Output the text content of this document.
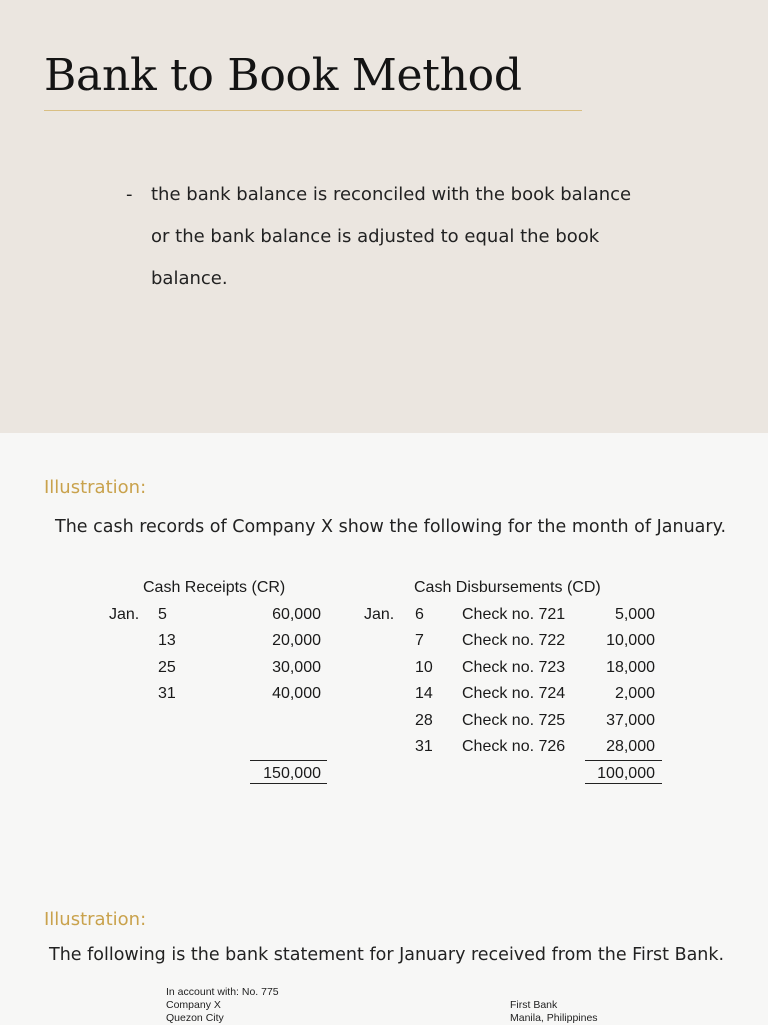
Bank to Book Method
- the bank balance is reconciled with the book balance
or the bank balance is adjusted to equal the book
balance.
Illustration:
The cash records of Company X show the following for the month of January.
Cash Receipts (CR)	Cash Disbursements (CD)
Jan. 5	60,000
13	20,000
25	30,000
31	40,000
150,000
Jan. 6 Check no. 721	5,000
7 Check no. 722	10,000
10 Check no. 723	18,000
14 Check no. 724	2,000
28 Check no. 725	37,000
31 Check no. 726	28,000
100,000
Illustration:
The following is the bank statement for January received from the First Bank.
In account with: No. 775
Company X
Quezon City
First Bank
Manila, Philippines
